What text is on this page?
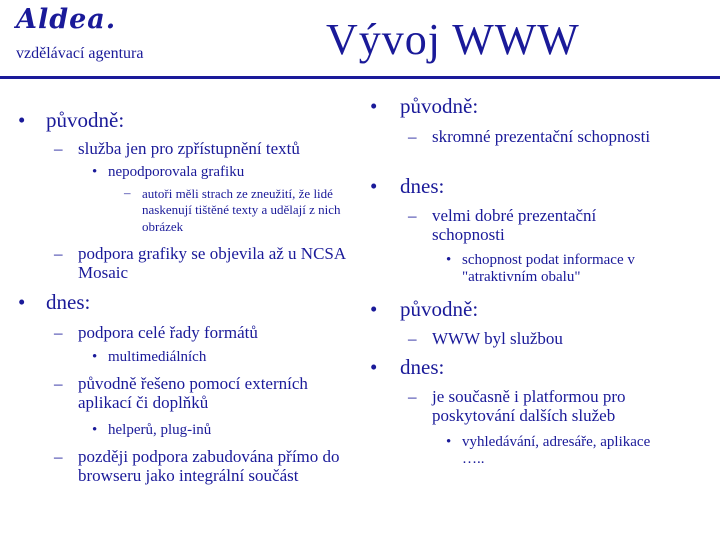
Aldea.
vzdělávací agentura	Vývoj WWW
• původně:
– služba jen pro zpřístupnění textů
• nepodporovala grafiku
– autoři měli strach ze zneužití, že lidé naskenují tištěné texty a udělají z nich obrázek
– podpora grafiky se objevila až u NCSA Mosaic
• dnes:
– podpora celé řady formátů
• multimediálních
– původně řešeno pomocí externích aplikací či doplňků
• helperů, plug-inů
– později podpora zabudována přímo do browseru jako integrální součást
• původně:
– skromné prezentační schopnosti
• dnes:
– velmi dobré prezentační schopnosti
• schopnost podat informace v "atraktivním obalu"
• původně:
– WWW byl službou
• dnes:
– je současně i platformou pro poskytování dalších služeb
• vyhledávání, adresáře, aplikace …..
